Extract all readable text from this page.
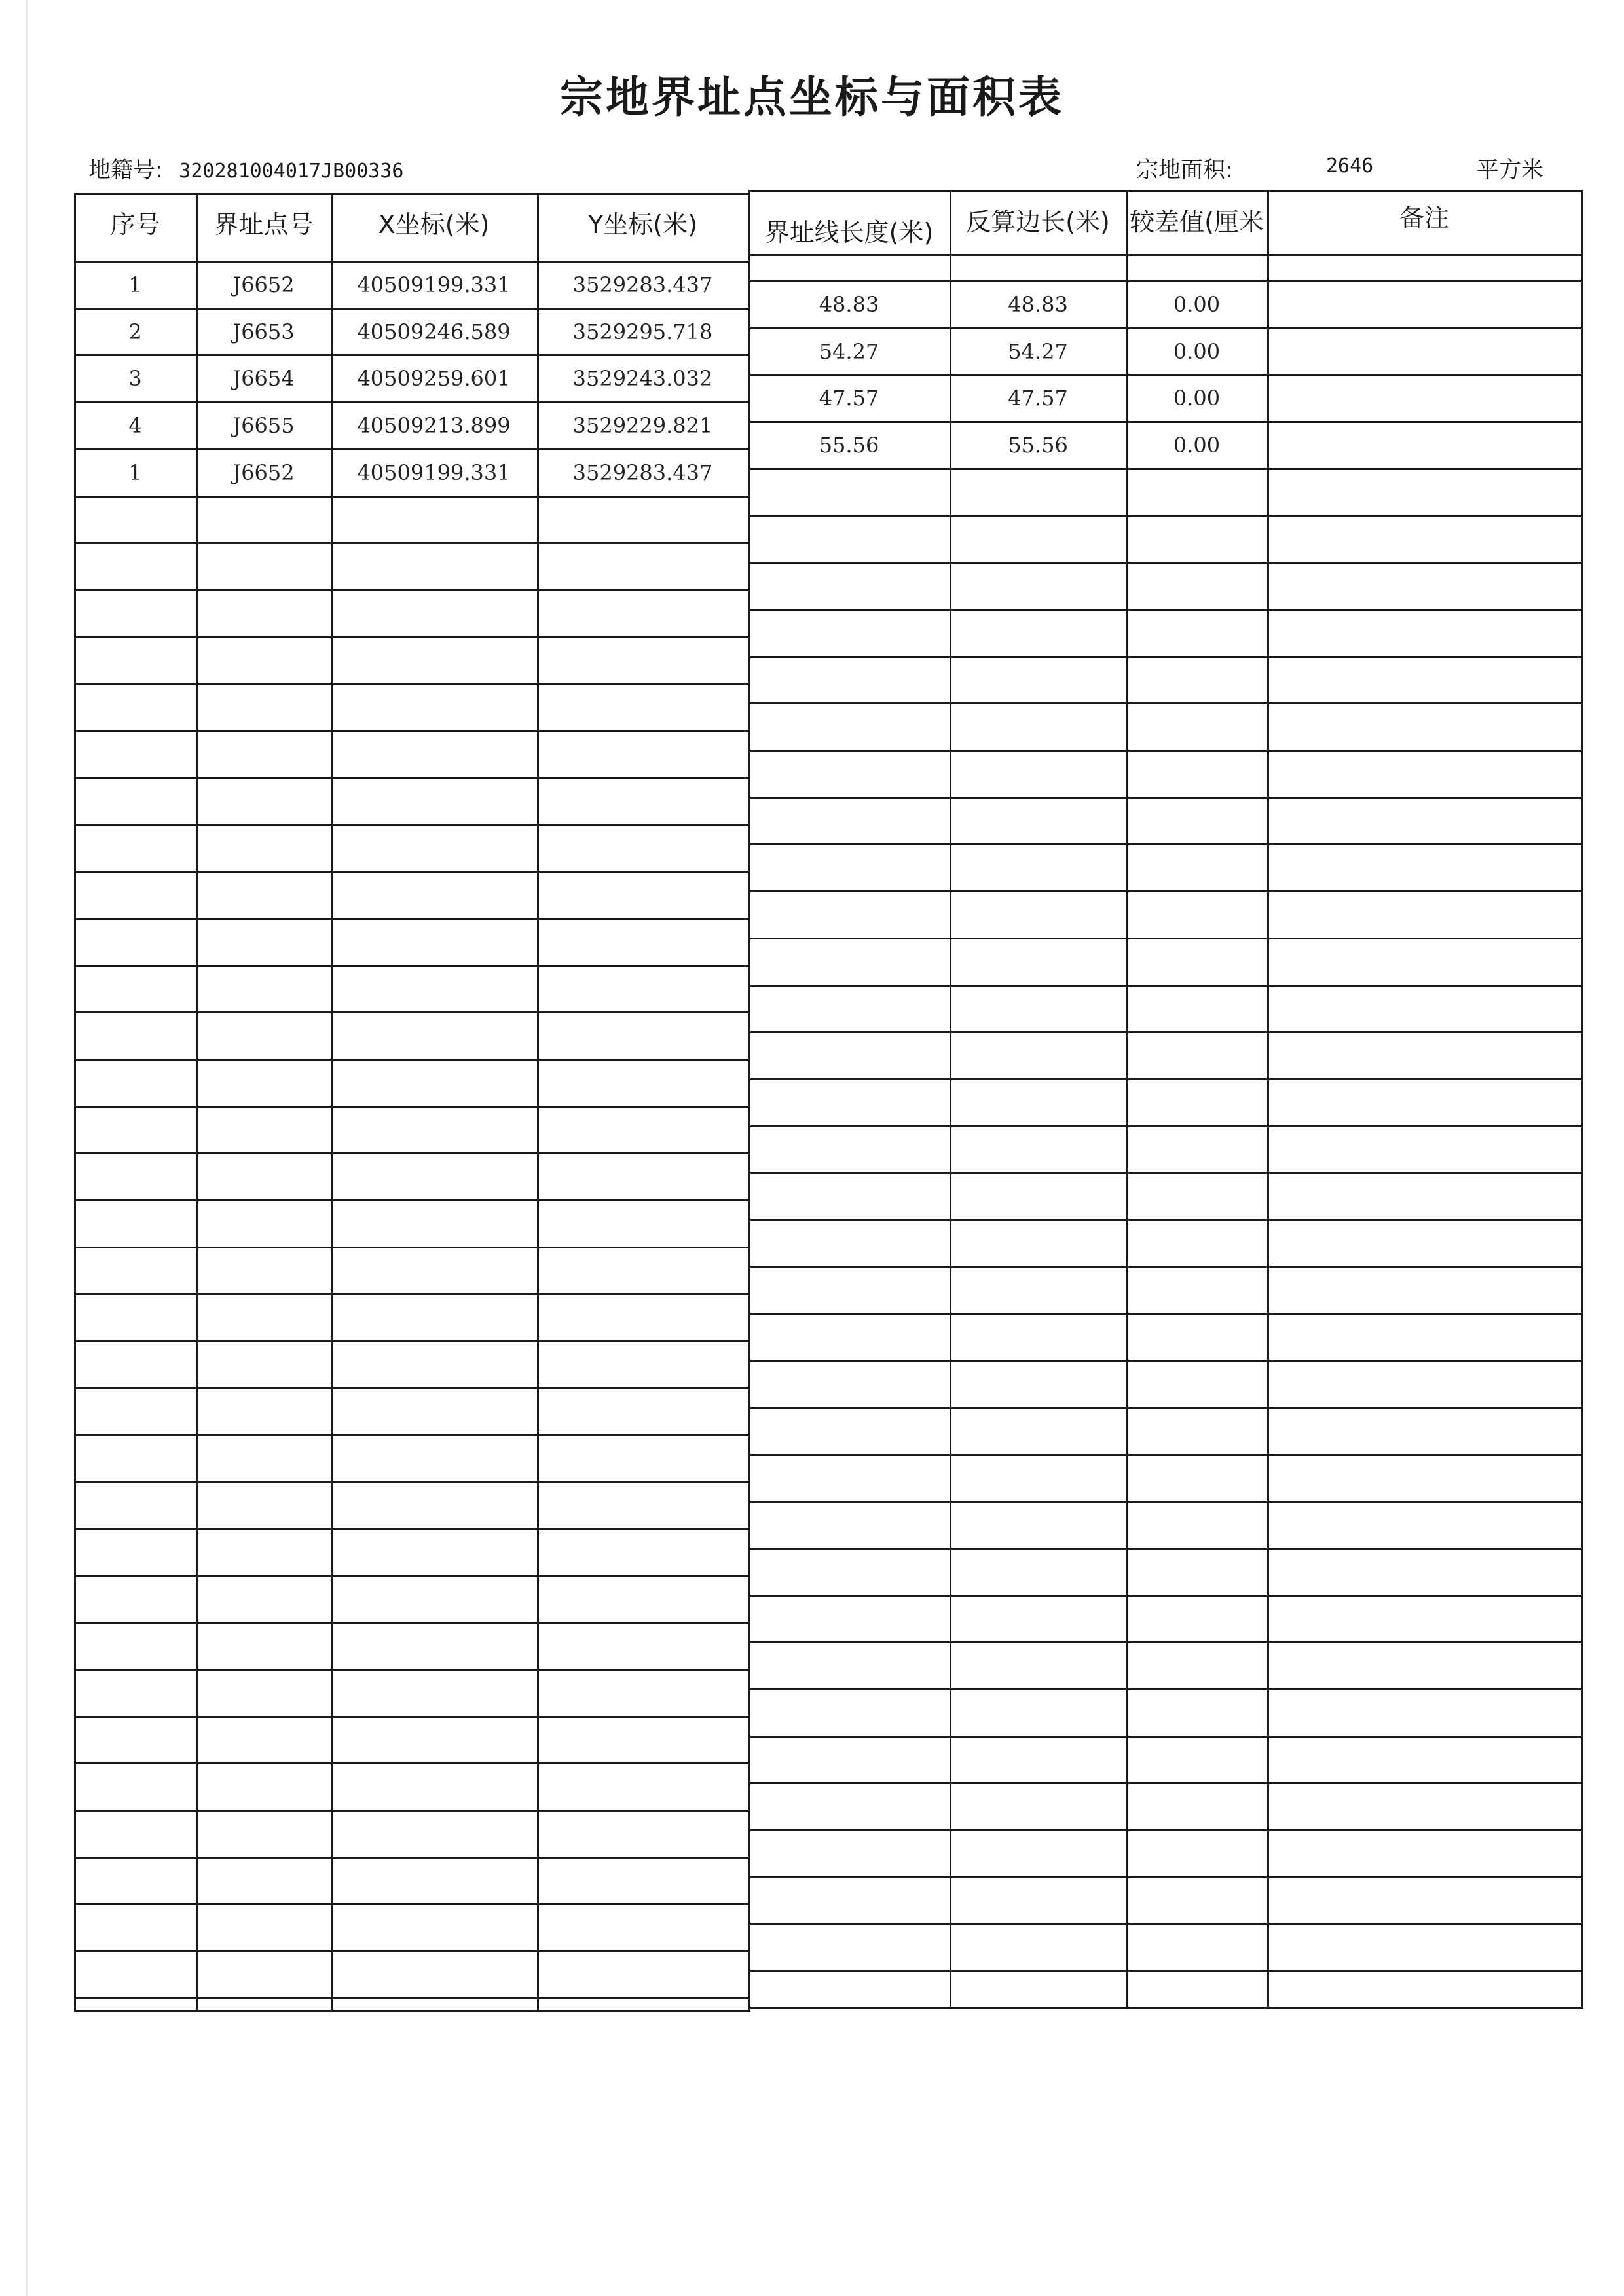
宗地界址点坐标与面积表
地籍号: 320281004017JB00336	宗地面积:	2646	平方米
序号	界址点号	X坐标(米)	Y坐标(米)
1	J6652	40509199.331	3529283.437
2	J6653	40509246.589	3529295.718
3	J6654	40509259.601	3529243.032
4	J6655	40509213.899	3529229.821
1	J6652	40509199.331	3529283.437
界址线长度(米)	反算边长(米) 较差值(厘米	备注
48.83	48.83	0.00
54.27	54.27	0.00
47.57	47.57	0.00
55.56	55.56	0.00
